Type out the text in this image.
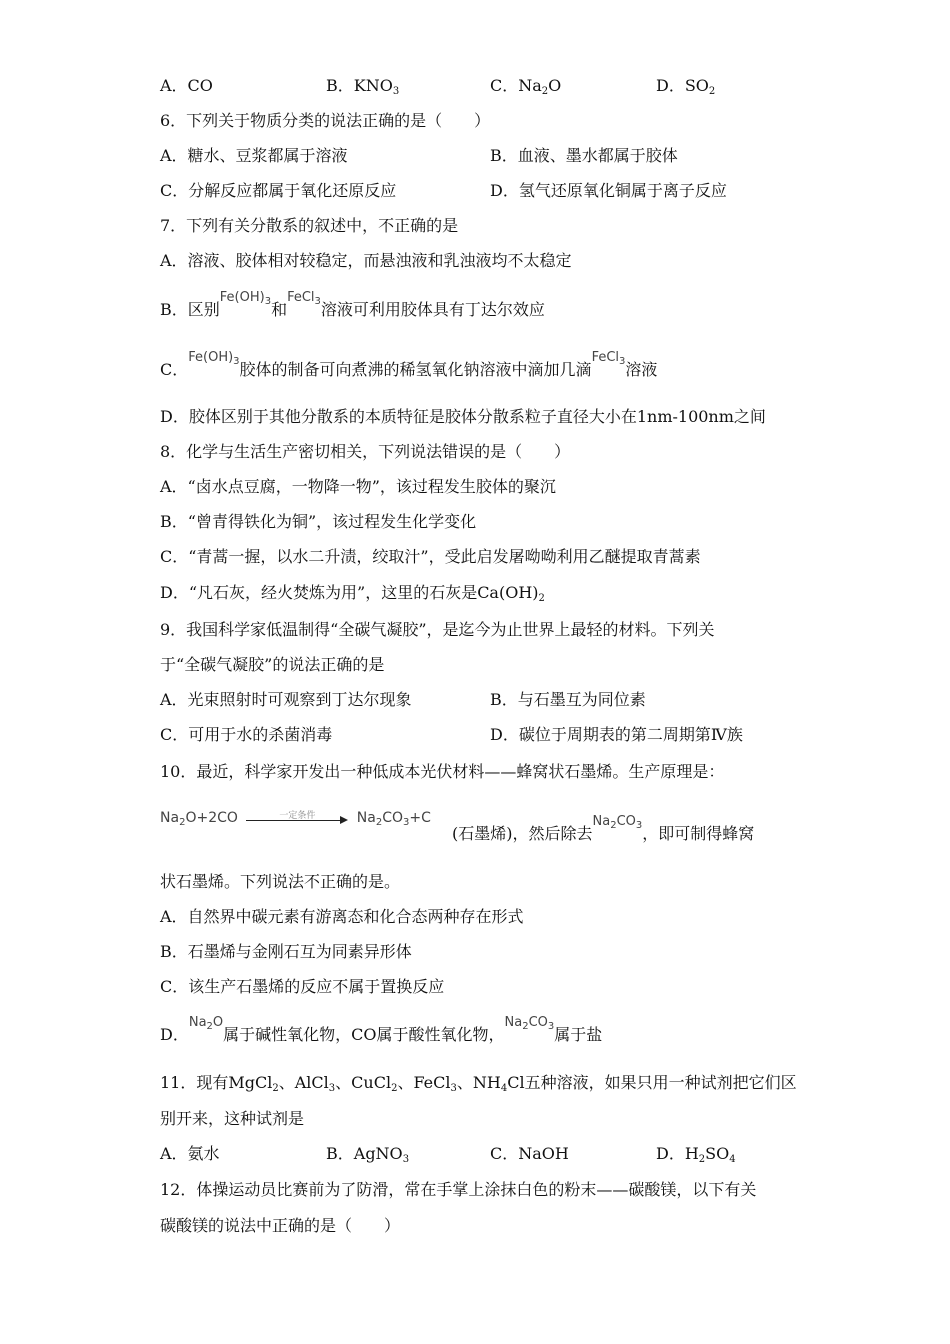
A．CO	B．$KNO_3$	C．$Na_2O$	D．$SO_2$
6．下列关于物质分类的说法正确的是（　　）
A．糖水、豆浆都属于溶液	B．血液、墨水都属于胶体
C．分解反应都属于氧化还原反应	D．氢气还原氧化铜属于离子反应
7．下列有关分散系的叙述中，不正确的是
A．溶液、胶体相对较稳定，而悬浊液和乳浊液均不太稳定
B．区别$^{Fe(OH)_3}$和$^{FeCl_3}$溶液可利用胶体具有丁达尔效应
C．$^{Fe(OH)_3}$胶体的制备可向煮沸的稀氢氧化钠溶液中滴加几滴$^{FeCl_3}$溶液
D．胶体区别于其他分散系的本质特征是胶体分散系粒子直径大小在1nm-100nm之间
8．化学与生活生产密切相关，下列说法错误的是（　　）
A．“卤水点豆腐，一物降一物”，该过程发生胶体的聚沉
B．“曾青得铁化为铜”，该过程发生化学变化
C．“青蒿一握，以水二升渍，绞取汁”，受此启发屠呦呦利用乙醚提取青蒿素
D．“凡石灰，经火焚炼为用”，这里的石灰是$Ca(OH)_2$
9．我国科学家低温制得“全碳气凝胶”，是迄今为止世界上最轻的材料。下列关
于“全碳气凝胶”的说法正确的是
A．光束照射时可观察到丁达尔现象	B．与石墨互为同位素
C．可用于水的杀菌消毒	D．碳位于周期表的第二周期第Ⅳ族
10．最近，科学家开发出一种低成本光伏材料——蜂窝状石墨烯。生产原理是：
$Na_2O+2CO$	一定条件	$Na_2CO_3+C$
(石墨烯)，然后除去$^{Na_2CO_3}$，即可制得蜂窝
状石墨烯。下列说法不正确的是。
A．自然界中碳元素有游离态和化合态两种存在形式
B．石墨烯与金刚石互为同素异形体
C．该生产石墨烯的反应不属于置换反应
D．$^{Na_2O}$属于碱性氧化物，CO属于酸性氧化物，$^{Na_2CO_3}$属于盐
11．现有MgCl$_2$、AlCl$_3$、CuCl$_2$、FeCl$_3$、$NH_4Cl$五种溶液，如果只用一种试剂把它们区
别开来，这种试剂是
A．氨水	B．AgNO$_3$	C．NaOH	D．$H_2SO_4$
12．体操运动员比赛前为了防滑，常在手掌上涂抹白色的粉末——碳酸镁，以下有关
碳酸镁的说法中正确的是（　　）
